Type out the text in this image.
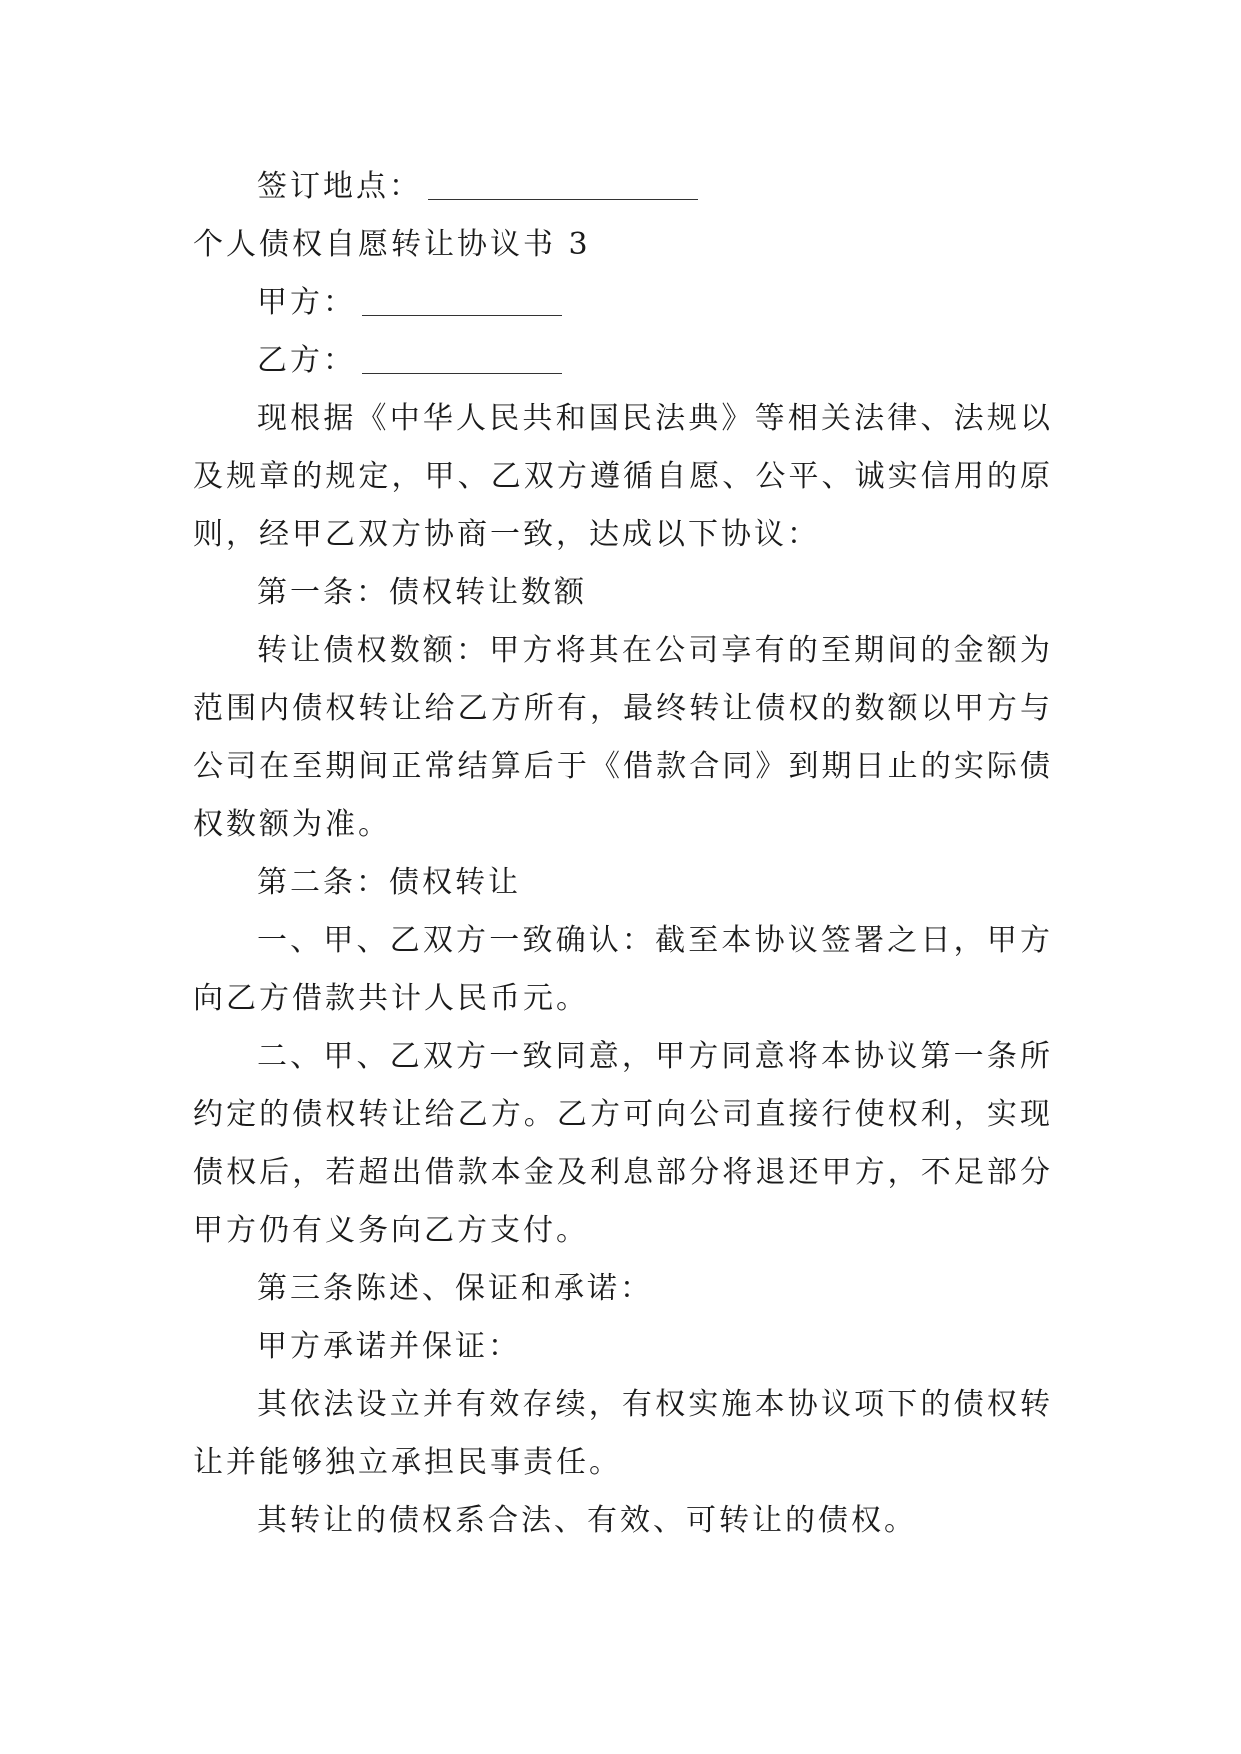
签订地点：
个人债权自愿转让协议书 3
甲方：
乙方：

现根据《中华人民共和国民法典》等相关法律、法规以及规章的规定，甲、乙双方遵循自愿、公平、诚实信用的原则，经甲乙双方协商一致，达成以下协议：

第一条：债权转让数额

转让债权数额：甲方将其在公司享有的至期间的金额为范围内债权转让给乙方所有，最终转让债权的数额以甲方与公司在至期间正常结算后于《借款合同》到期日止的实际债权数额为准。

第二条：债权转让

一、甲、乙双方一致确认：截至本协议签署之日，甲方向乙方借款共计人民币元。

二、甲、乙双方一致同意，甲方同意将本协议第一条所约定的债权转让给乙方。乙方可向公司直接行使权利，实现债权后，若超出借款本金及利息部分将退还甲方，不足部分甲方仍有义务向乙方支付。

第三条陈述、保证和承诺：

甲方承诺并保证：

其依法设立并有效存续，有权实施本协议项下的债权转让并能够独立承担民事责任。

其转让的债权系合法、有效、可转让的债权。
